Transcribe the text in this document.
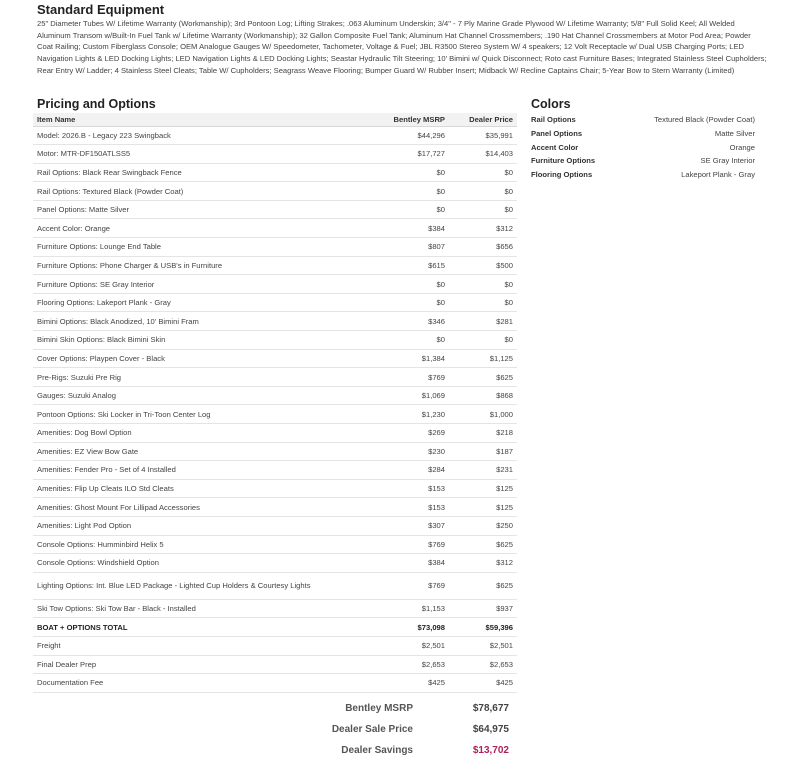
Standard Equipment

25" Diameter Tubes W/ Lifetime Warranty (Workmanship); 3rd Pontoon Log; Lifting Strakes; .063 Aluminum Underskin; 3/4" - 7 Ply Marine Grade Plywood W/ Lifetime Warranty; 5/8" Full Solid Keel; All Welded Aluminum Transom w/Built-In Fuel Tank w/ Lifetime Warranty (Workmanship); 32 Gallon Composite Fuel Tank; Aluminum Hat Channel Crossmembers; .190 Hat Channel Crossmembers at Motor Pod Area; Powder Coat Railing; Custom Fiberglass Console; OEM Analogue Gauges W/ Speedometer, Tachometer, Voltage & Fuel; JBL R3500 Stereo System W/ 4 speakers; 12 Volt Receptacle w/ Dual USB Charging Ports; LED Navigation Lights & LED Docking Lights; LED Navigation Lights & LED Docking Lights; Seastar Hydraulic Tilt Steering; 10' Bimini w/ Quick Disconnect; Roto cast Furniture Bases; Integrated Stainless Steel Cupholders; Rear Entry W/ Ladder; 4 Stainless Steel Cleats; Table W/ Cupholders; Seagrass Weave Flooring; Bumper Guard W/ Rubber Insert; Midback W/ Recline Captains Chair; 5-Year Bow to Stern Warranty (Limited)

Pricing and Options
Item Name	Bentley MSRP	Dealer Price
Model: 2026.B - Legacy 223 Swingback	$44,296	$35,991
Motor: MTR-DF150ATLSS5	$17,727	$14,403
Rail Options: Black Rear Swingback Fence	$0	$0
Rail Options: Textured Black (Powder Coat)	$0	$0
Panel Options: Matte Silver	$0	$0
Accent Color: Orange	$384	$312
Furniture Options: Lounge End Table	$807	$656
Furniture Options: Phone Charger & USB's in Furniture	$615	$500
Furniture Options: SE Gray Interior	$0	$0
Flooring Options: Lakeport Plank - Gray	$0	$0
Bimini Options: Black Anodized, 10' Bimini Fram	$346	$281
Bimini Skin Options: Black Bimini Skin	$0	$0
Cover Options: Playpen Cover - Black	$1,384	$1,125
Pre-Rigs: Suzuki Pre Rig	$769	$625
Gauges: Suzuki Analog	$1,069	$868
Pontoon Options: Ski Locker in Tri-Toon Center Log	$1,230	$1,000
Amenities: Dog Bowl Option	$269	$218
Amenities: EZ View Bow Gate	$230	$187
Amenities: Fender Pro - Set of 4 Installed	$284	$231
Amenities: Flip Up Cleats ILO Std Cleats	$153	$125
Amenities: Ghost Mount For Lillipad Accessories	$153	$125
Amenities: Light Pod Option	$307	$250
Console Options: Humminbird Helix 5	$769	$625
Console Options: Windshield Option	$384	$312
Lighting Options: Int. Blue LED Package - Lighted Cup Holders & Courtesy Lights	$769	$625
Ski Tow Options: Ski Tow Bar - Black - Installed	$1,153	$937
BOAT + OPTIONS TOTAL	$73,098	$59,396
Freight	$2,501	$2,501
Final Dealer Prep	$2,653	$2,653
Documentation Fee	$425	$425
Bentley MSRP	$78,677
Dealer Sale Price	$64,975
Dealer Savings	$13,702
Colors
Rail Options	Textured Black (Powder Coat)
Panel Options	Matte Silver
Accent Color	Orange
Furniture Options	SE Gray Interior
Flooring Options	Lakeport Plank - Gray
